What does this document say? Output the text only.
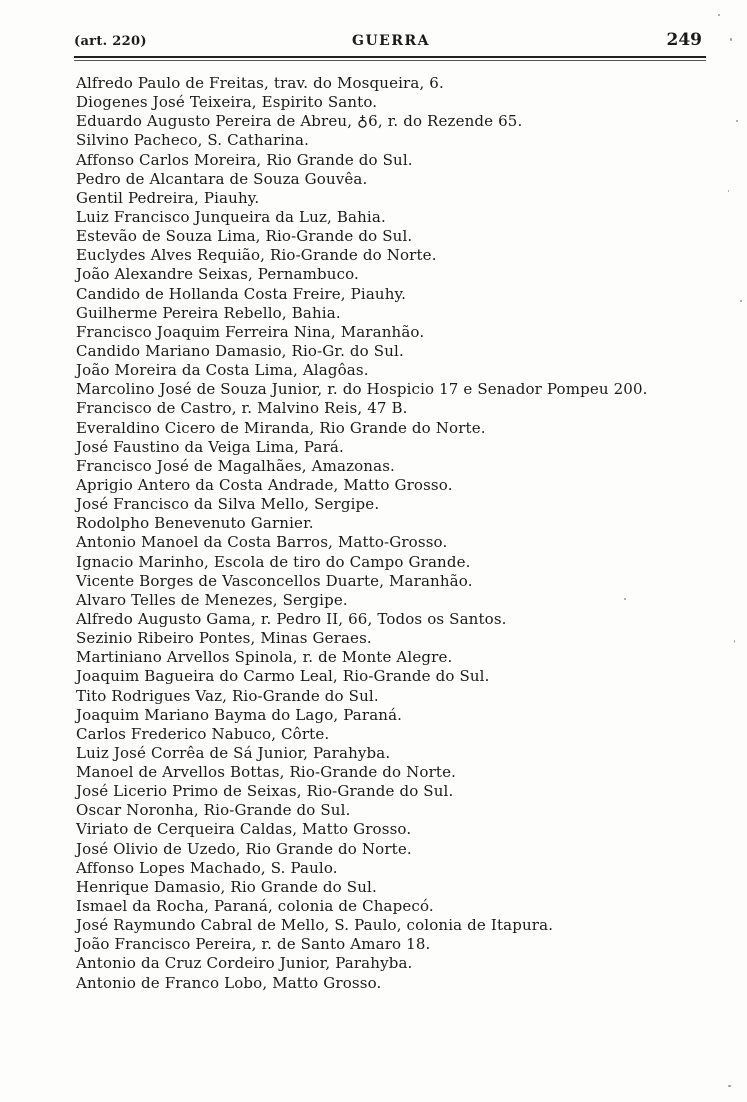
(art. 220)	GUERRA	249
Alfredo Paulo de Freitas, trav. do Mosqueira, 6.
Diogenes José Teixeira, Espirito Santo.
Eduardo Augusto Pereira de Abreu, ♁6, r. do Rezende 65.
Silvino Pacheco, S. Catharina.
Affonso Carlos Moreira, Rio Grande do Sul.
Pedro de Alcantara de Souza Gouvêa.
Gentil Pedreira, Piauhy.
Luiz Francisco Junqueira da Luz, Bahia.
Estevão de Souza Lima, Rio-Grande do Sul.
Euclydes Alves Requião, Rio-Grande do Norte.
João Alexandre Seixas, Pernambuco.
Candido de Hollanda Costa Freire, Piauhy.
Guilherme Pereira Rebello, Bahia.
Francisco Joaquim Ferreira Nina, Maranhão.
Candido Mariano Damasio, Rio-Gr. do Sul.
João Moreira da Costa Lima, Alagôas.
Marcolino José de Souza Junior, r. do Hospicio 17 e Senador Pompeu 200.
Francisco de Castro, r. Malvino Reis, 47 B.
Everaldino Cicero de Miranda, Rio Grande do Norte.
José Faustino da Veiga Lima, Pará.
Francisco José de Magalhães, Amazonas.
Aprigio Antero da Costa Andrade, Matto Grosso.
José Francisco da Silva Mello, Sergipe.
Rodolpho Benevenuto Garnier.
Antonio Manoel da Costa Barros, Matto-Grosso.
Ignacio Marinho, Escola de tiro do Campo Grande.
Vicente Borges de Vasconcellos Duarte, Maranhão.
Alvaro Telles de Menezes, Sergipe.
Alfredo Augusto Gama, r. Pedro II, 66, Todos os Santos.
Sezinio Ribeiro Pontes, Minas Geraes.
Martiniano Arvellos Spinola, r. de Monte Alegre.
Joaquim Bagueira do Carmo Leal, Rio-Grande do Sul.
Tito Rodrigues Vaz, Rio-Grande do Sul.
Joaquim Mariano Bayma do Lago, Paraná.
Carlos Frederico Nabuco, Côrte.
Luiz José Corrêa de Sá Junior, Parahyba.
Manoel de Arvellos Bottas, Rio-Grande do Norte.
José Licerio Primo de Seixas, Rio-Grande do Sul.
Oscar Noronha, Rio-Grande do Sul.
Viriato de Cerqueira Caldas, Matto Grosso.
José Olivio de Uzedo, Rio Grande do Norte.
Affonso Lopes Machado, S. Paulo.
Henrique Damasio, Rio Grande do Sul.
Ismael da Rocha, Paraná, colonia de Chapecó.
José Raymundo Cabral de Mello, S. Paulo, colonia de Itapura.
João Francisco Pereira, r. de Santo Amaro 18.
Antonio da Cruz Cordeiro Junior, Parahyba.
Antonio de Franco Lobo, Matto Grosso.
